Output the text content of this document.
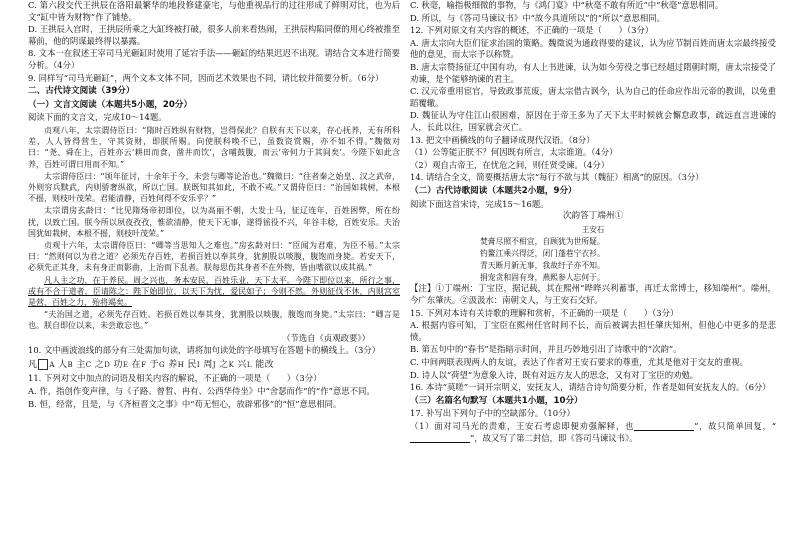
C. 第六段交代王拱辰在洛阳最繁华的地段修建豪宅，与他重视品行的过往形成了鲜明对比，也为后文“缸中皆为财物”作了铺垫。

D. 王拱辰入宫时，王拱辰所乘之大缸终被打破，很多人前来看热闹，王拱辰构陷同僚的用心终被推至幕前，他的阴谋最终得以暴露。

8. 文本一在叙述王宰司马光砸缸时使用了延宕手法——砸缸的结果迟迟不出现。请结合文本进行简要分析。（4分）

9. 同样写“司马光砸缸”，两个文本文体不同，因而艺术效果也不同，请比较并简要分析。（6分）

二、古代诗文阅读（39分）
（一）文言文阅读（本题共5小题，20分）

阅读下面的文言文，完成10～14题。

贞观八年，太宗谓侍臣曰：“隋时百姓纵有财物，岂得保此？自朕有天下以来，存心抚养，无有所科差，人人皆得营生，守其资财，即朕所赐。向使朕科唤不已，虽数资赏赐，亦不如不得。”魏徵对曰：“尧、舜在上，百姓亦云‘耕田而食，凿井而饮’，含哺鼓腹，而云‘帝何力于其间矣’。今陛下如此含养，百姓可谓日用而不知。”

太宗谓侍臣曰：“顷年征讨，十余年于今，未尝与卿等论治也。”魏徵曰：“往者秦之始皇、汉之武帝，外则穷兵黩武，内则骄奢纵欲，所以亡国。朕既知其如此，不敢不戒。”又谓侍臣曰：“治国如栽树，本根不摇，则枝叶茂荣。君能清静，百姓何得不安乐乎？”

太宗谓房玄龄曰：“比见隋炀帝初即位，以为高丽不朝，大发士马，征辽连年，百姓困弊，所在纷扰，以致亡国。朕今所以夙夜孜孜，惟欲清静，使天下无事，遂得徭役不兴，年谷丰稔，百姓安乐。夫治国犹如栽树，本根不摇，则枝叶茂荣。”

贞观十六年，太宗谓侍臣曰：“卿等当思知人之难也。”房玄龄对曰：“臣闻为君难，为臣不易。”太宗曰：“然则何以为君之道？必须先存百姓，若损百姓以奉其身，犹割股以啖腹，腹饱而身毙。若安天下，必须先正其身，未有身正而影曲，上治而下乱者。朕每思伤其身者不在外物，皆由嗜欲以成其祸。”

凡人主之功，在于养民。周之兴也，务本安民，百姓乐业，天下太平。今陛下即位以来，所行之事，或有不合于道者，臣请陈之：陛下始即位，以天下为忧，爱民如子；今则不然。外则征伐不休，内则宫室是营，百姓之力，殆将竭矣。

“夫治国之道，必须先存百姓。若损百姓以奉其身，犹割股以啖腹，腹饱而身毙。”太宗曰：“卿言是也。朕自即位以来，未尝敢忘也。”

（节选自《贞观政要》）

10. 文中画波浪线的部分有三处需加句读，请将加句读处的字母填写在答题卡的横线上。（3分）

凡 A 人B 主C 之D 功E 在F 于G 养H 民I 周J 之K 兴L 能改

11. 下列对文中加点的词语及相关内容的解说，不正确的一项是（　　）（3分）

A. 作，指创作变声律，与《子路、曾晳、冉有、公西华侍坐》中“舍瑟而作”的“作”意思不同。

B. 恒，经常，且是，与《齐桓晋文之事》中“苟无恒心，放辟邪侈”的“恒”意思相同。

C. 秋毫，喻指极细微的事物，与《鸿门宴》中“秋毫不敢有所近”中“秋毫”意思相同。

D. 所以，与《答司马谏议书》中“故今具道所以”的“所以”意思相同。

12. 下列对原文有关内容的概述，不正确的一项是（　　）（3分）

A. 唐太宗向大臣们征求治国的策略。魏徵说为通政得要的建议，认为应节制百姓而唐太宗最终接受他的意见，而太宗予以称赞。

B. 唐太宗赞扬征辽中国有功，有人上书进谏，认为如今劳役之事已经超过隋朝时期，唐太宗接受了劝谏，是个能够纳谏的君主。

C. 汉元帝重用宦官，导致政事荒废，唐太宗借古讽今，认为自己的任命应作出元帝的教训，以免重蹈覆辙。

D. 魏征认为守住江山很困难，原因在于帝王多为了天下太平时候就会懈怠政事，疏远直言进谏的人，长此以往，国家就会灭亡。

13. 把文中画横线的句子翻译成现代汉语。（8分）

（1）公等能正朕不？何因既有所言，太宗谁道。（4分）

（2）观自古帝王，在忧危之间，则任贤受谏。（4分）

14. 请结合全文，简要概括唐太宗“每行不欲与其（魏征）相离”的原因。（3分）

（二）古代诗歌阅读（本题共2小题，9分）

阅读下面这首宋诗，完成15～16题。

次韵答丁端州①
王安石
焚膏尽照不相宜，自顾犹为世所疑。
钓鳌江乘兴得泛，闭门蓬巷宁衣衫。
青天断月新无事，我故纡子亦不知。
捐宠贪和固有身，燕熙参人忘何于。

【注】①丁端州：丁宝臣，据记载，其在熙州“晔晔兴利蓄事，再迁太常博士，移知端州”。端州，今广东肇庆。②汲汲水：南朝文人，与王安石交好。

15. 下列对本诗有关诗歌的理解和赏析，不正确的一项是（　　）（3分）

A. 根据内容可知，丁宝臣在熙州任官时间不长，而后被调去担任肇庆知州，但他心中更多的是悲愤。

B. 第五句中的“春书”是指暗示时间，并且巧妙地引出了诗歌中的“次韵”。

C. 中间两联表现两人的友谊，表达了作者对王安石要求的尊重，尤其是他对于交友的重视。

D. 诗人以“荷望”为意象入诗，既有对远方友人的思念，又有对丁宝臣的劝勉。

16. 本诗“莫嗟”一词开宗明义，安抚友人，请结合诗句简要分析，作者是如何安抚友人的。（6分）

（三）名篇名句默写（本题共1小题，10分）

17. 补写出下列句子中的空缺部分。（10分）

（1）面对司马光的责难，王安石考虑即便劝强解释，也	”，故只简单回复，“”，故又写了第二封信，即《答司马谏议书》。
